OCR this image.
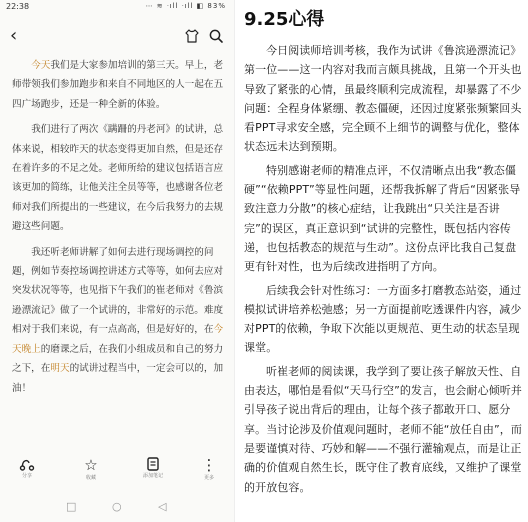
22:38	⋯ ≋ ᐧıll ᐧıll ◧ 83%
‹

今天我们是大家参加培训的第三天。早上，老师带领我们参加跑步和来自不同地区的人一起在五四广场跑步，还是一种全新的体验。

我们进行了两次《蹒跚的丹老河》的试讲，总体来说，相较昨天的状态变得更加自然，但是还存在着许多的不足之处。老师所给的建议包括语言应该更加的简练，让他关注全员等等，也感谢各位老师对我们所提出的一些建议，在今后我努力的去规避这些问题。

我还听老师讲解了如何去进行现场调控的问题，例如节奏控场调控讲述方式等等，如何去应对突发状况等等，也见指下午我们的崔老师对《鲁滨逊漂流记》做了一个试讲的，非常好的示范。难度相对于我们来说，有一点高高，但是好好的，在今天晚上的磨课之后，在我们小组成员和自己的努力之下，在明天的试讲过程当中，一定会可以的，加油！

分享
☆
收藏	添加笔记
⋮
更多
□	○	◁
9.25心得

今日阅读师培训考核，我作为试讲《鲁滨逊漂流记》第一位——这一内容对我而言颇具挑战，且第一个开头也导致了紧张的心情，虽最终顺利完成流程，却暴露了不少问题：全程身体紧绷、教态僵硬，还因过度紧张频繁回头看PPT寻求安全感，完全顾不上细节的调整与优化，整体状态远未达到预期。

特别感谢老师的精准点评，不仅清晰点出我“教态僵硬”“依赖PPT”等显性问题，还帮我拆解了背后“因紧张导致注意力分散”的核心症结，让我跳出“只关注是否讲完”的误区，真正意识到“试讲的完整性，既包括内容传递，也包括教态的规范与生动”。这份点评比我自己复盘更有针对性，也为后续改进指明了方向。

后续我会针对性练习：一方面多打磨教态站姿，通过模拟试讲培养松弛感；另一方面提前吃透课件内容，减少对PPT的依赖，争取下次能以更规范、更生动的状态呈现课堂。

听崔老师的阅读课，我学到了要让孩子解放天性、自由表达，哪怕是看似“天马行空”的发言，也会耐心倾听并引导孩子说出背后的理由，让每个孩子都敢开口、愿分享。当讨论涉及价值观问题时，老师不能“放任自由”，而是要谨慎对待、巧妙和解——不强行灌输观点，而是让正确的价值观自然生长，既守住了教育底线，又维护了课堂的开放包容。
